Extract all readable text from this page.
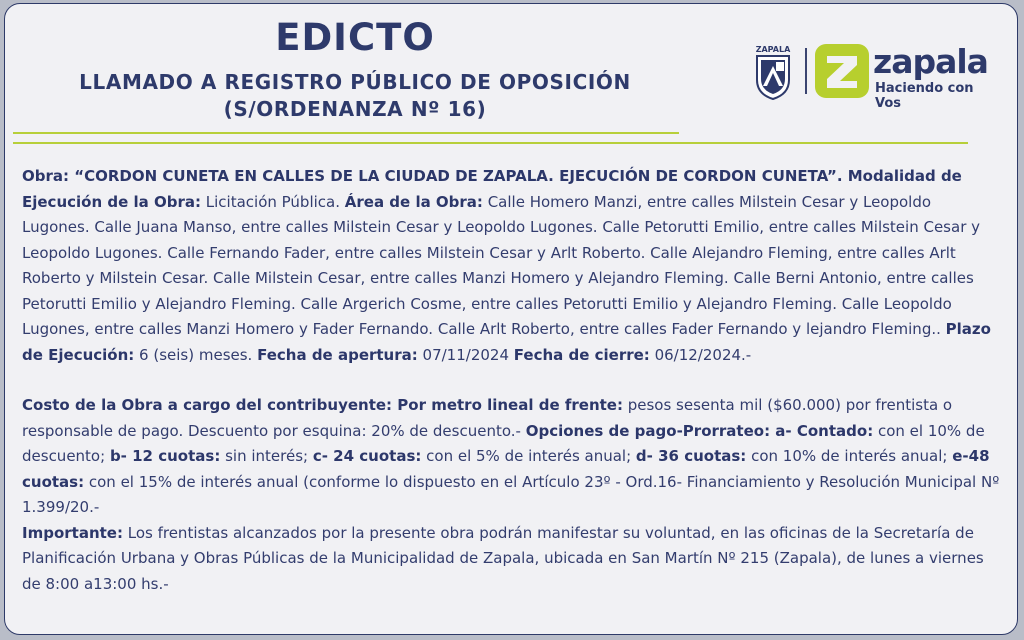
EDICTO
LLAMADO A REGISTRO PÚBLICO DE OPOSICIÓN
(S/ORDENANZA Nº 16)
ZAPALA	zapala
Haciendo con Vos

Obra: “CORDON CUNETA EN CALLES DE LA CIUDAD DE ZAPALA. EJECUCIÓN DE CORDON CUNETA”. Modalidad de Ejecución de la Obra: Licitación Pública. Área de la Obra: Calle Homero Manzi, entre calles Milstein Cesar y Leopoldo Lugones. Calle Juana Manso, entre calles Milstein Cesar y Leopoldo Lugones. Calle Petorutti Emilio, entre calles Milstein Cesar y Leopoldo Lugones. Calle Fernando Fader, entre calles Milstein Cesar y Arlt Roberto. Calle Alejandro Fleming, entre calles Arlt Roberto y Milstein Cesar. Calle Milstein Cesar, entre calles Manzi Homero y Alejandro Fleming. Calle Berni Antonio, entre calles Petorutti Emilio y Alejandro Fleming. Calle Argerich Cosme, entre calles Petorutti Emilio y Alejandro Fleming. Calle Leopoldo Lugones, entre calles Manzi Homero y Fader Fernando. Calle Arlt Roberto, entre calles Fader Fernando y lejandro Fleming.. Plazo de Ejecución: 6 (seis) meses. Fecha de apertura: 07/11/2024 Fecha de cierre: 06/12/2024.-

Costo de la Obra a cargo del contribuyente: Por metro lineal de frente: pesos sesenta mil ($60.000) por frentista o responsable de pago. Descuento por esquina: 20% de descuento.- Opciones de pago-Prorrateo: a- Contado: con el 10% de descuento; b- 12 cuotas: sin interés; c- 24 cuotas: con el 5% de interés anual; d- 36 cuotas: con 10% de interés anual; e-48 cuotas: con el 15% de interés anual (conforme lo dispuesto en el Artículo 23º - Ord.16- Financiamiento y Resolución Municipal Nº 1.399/20.-

Importante: Los frentistas alcanzados por la presente obra podrán manifestar su voluntad, en las oficinas de la Secretaría de Planificación Urbana y Obras Públicas de la Municipalidad de Zapala, ubicada en San Martín Nº 215 (Zapala), de lunes a viernes de 8:00 a13:00 hs.-
